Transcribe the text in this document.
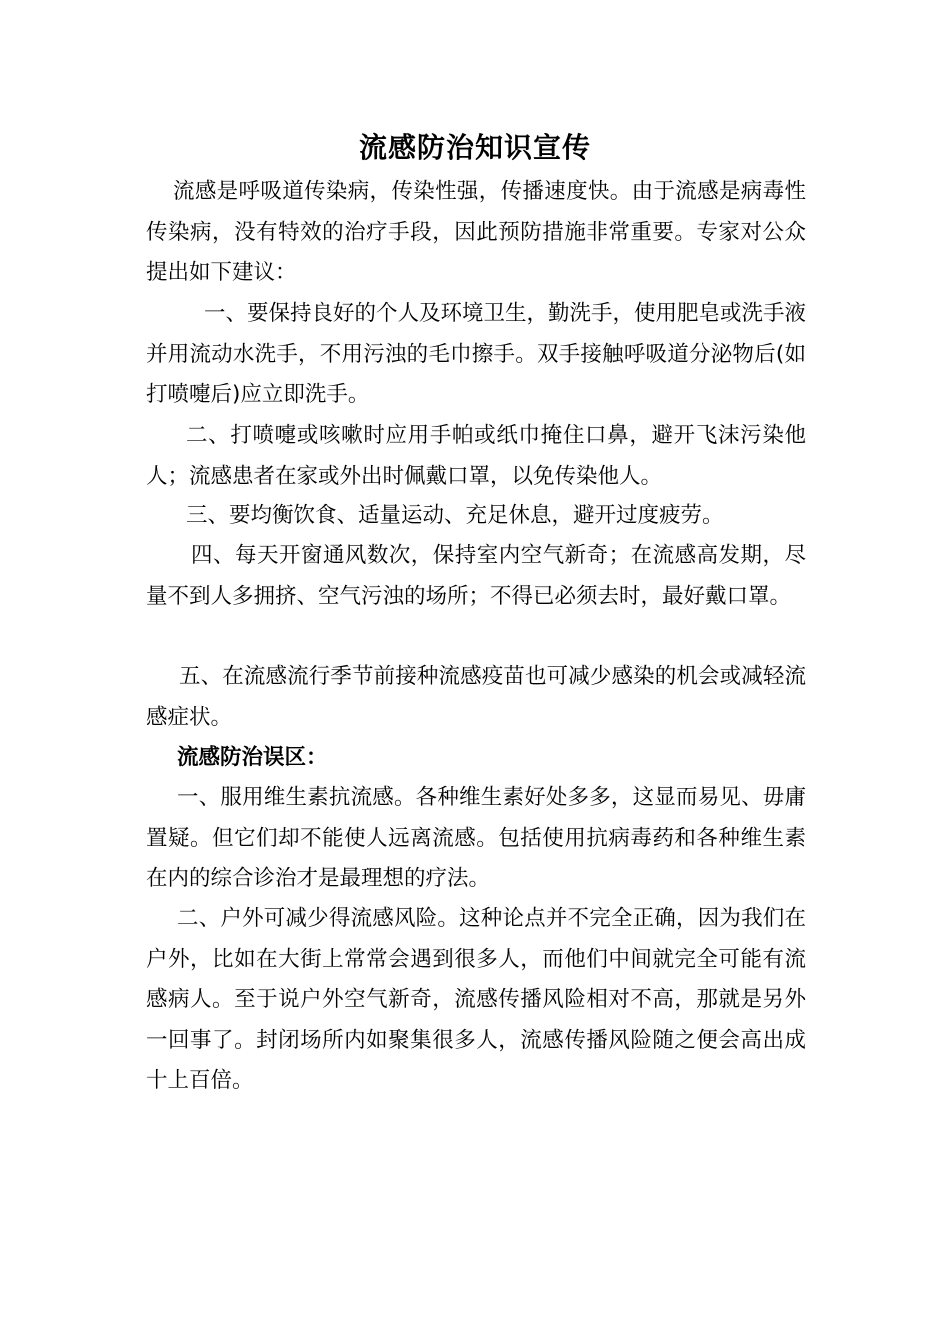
流感防治知识宣传

流感是呼吸道传染病，传染性强，传播速度快。由于流感是病毒性传染病，没有特效的治疗手段，因此预防措施非常重要。专家对公众提出如下建议：

一、要保持良好的个人及环境卫生，勤洗手，使用肥皂或洗手液并用流动水洗手，不用污浊的毛巾擦手。双手接触呼吸道分泌物后(如打喷嚏后)应立即洗手。

二、打喷嚏或咳嗽时应用手帕或纸巾掩住口鼻，避开飞沫污染他人；流感患者在家或外出时佩戴口罩，以免传染他人。

三、要均衡饮食、适量运动、充足休息，避开过度疲劳。

四、每天开窗通风数次，保持室内空气新奇；在流感高发期，尽量不到人多拥挤、空气污浊的场所；不得已必须去时，最好戴口罩。

五、在流感流行季节前接种流感疫苗也可减少感染的机会或减轻流感症状。

流感防治误区：

一、服用维生素抗流感。各种维生素好处多多，这显而易见、毋庸置疑。但它们却不能使人远离流感。包括使用抗病毒药和各种维生素在内的综合诊治才是最理想的疗法。

二、户外可减少得流感风险。这种论点并不完全正确，因为我们在户外，比如在大街上常常会遇到很多人，而他们中间就完全可能有流感病人。至于说户外空气新奇，流感传播风险相对不高，那就是另外一回事了。封闭场所内如聚集很多人，流感传播风险随之便会高出成十上百倍。
